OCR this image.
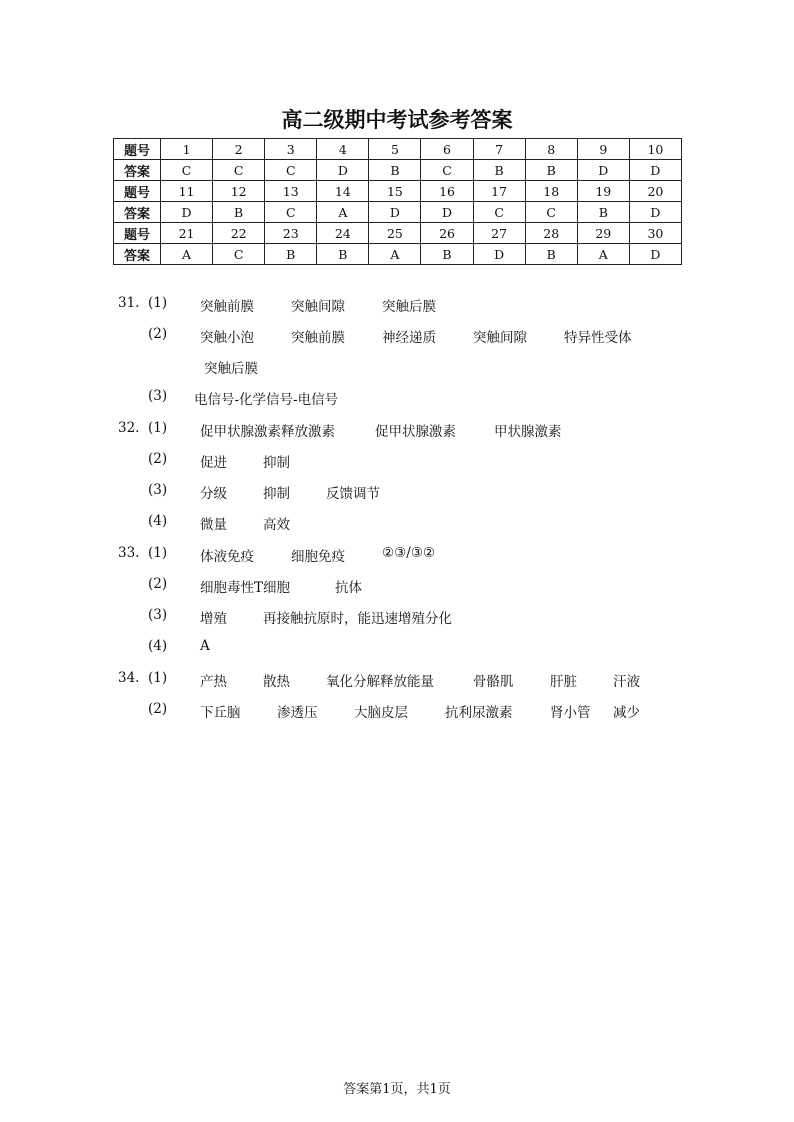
高二级期中考试参考答案
题号	1	2	3	4	5	6	7	8	9	10
答案	C	C	C	D	B	C	B	B	D	D
题号	11	12	13	14	15	16	17	18	19	20
答案	D	B	C	A	D	D	C	C	B	D
题号	21	22	23	24	25	26	27	28	29	30
答案	A	C	B	B	A	B	D	B	A	D
31. (1) 突触前膜	突触间隙	突触后膜
(2) 突触小泡	突触前膜	神经递质	突触间隙	特异性受体
突触后膜
(3) 电信号-化学信号-电信号
32. (1) 促甲状腺激素释放激素	促甲状腺激素	甲状腺激素
(2) 促进	抑制
(3) 分级	抑制	反馈调节
(4) 微量	高效
33. (1) 体液免疫	细胞免疫	②③/③②
(2) 细胞毒性T细胞	抗体
(3) 增殖	再接触抗原时，能迅速增殖分化
(4) A
34. (1) 产热	散热	氧化分解释放能量	骨骼肌	肝脏	汗液
(2) 下丘脑	渗透压	大脑皮层	抗利尿激素	肾小管 减少
答案第1页，共1页
